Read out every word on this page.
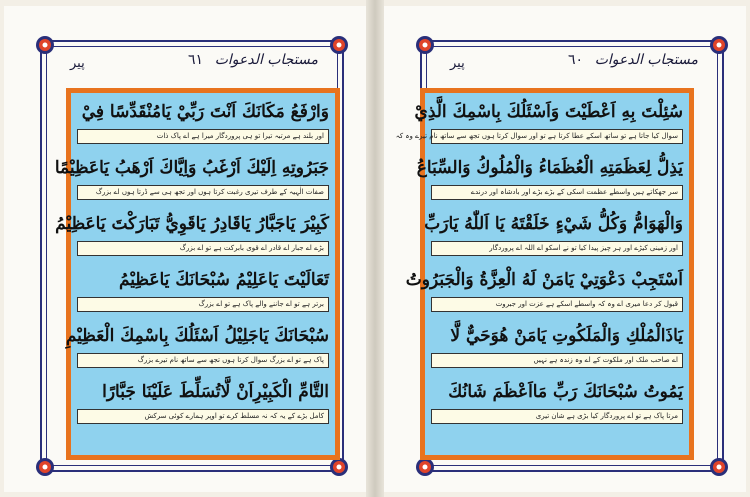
پیر	٦١ مستجاب الدعوات
وَارْفَعُ مَكَانَكَ اَنْتَ رَبِّيْ يَامُنْقَدِّسًا فِيْ
اور بلند ہے مرتبہ تیرا تو ہی پروردگار میرا ہے اے پاک ذات
جَبَرُوتِهِ اِلَيْكَ اَرْغَبُ وَاِيَّاكَ اَرْهَبُ يَاعَظِيْمًا
صفات الٰہیہ کے طرف تیری رغبت کرتا ہوں اور تجھ ہی سے ڈرتا ہوں اے بزرگ
كَبِيْرَ يَاجَبَّارُ يَاقَادِرُ يَاقَوِيُّ تَبَارَكْتَ يَاعَظِيْمُ
بڑے اے جبار اے قادر اے قوی بابرکت ہے تو اے بزرگ
تَعَالَيْتَ يَاعَلِيْمُ سُبْحَانَكَ يَاعَظِيْمُ
برتر ہے تو اے جاننے والے پاک ہے تو اے بزرگ
سُبْحَانَكَ يَاجَلِيْلُ اَسْئَلُكَ بِاسْمِكَ الْعَظِيْمِ
پاک ہے تو اے بزرگ سوال کرتا ہوں تجھ سے ساتھ نام تیرے بزرگ
التَّامِّ الْكَبِيْرِاَنْ لَّاتُسَلِّطَ عَلَيْنَا جَبَّارًا
کامل بڑے کے یہ کہ نہ مسلط کرے تو اوپر ہمارے کوئی سرکش
پیر	٦٠ مستجاب الدعوات
سُئِلْتَ بِهِ اَعْطَيْتَ وَاَسْئَلُكَ بِاسْمِكَ الَّذِيْ
سوال کیا جاتا ہے تو ساتھ اسکے عطا کرتا ہے تو اور سوال کرتا ہوں تجھ سے ساتھ نام تیرے وہ کہ
يَذِلُّ لِعَظَمَتِهِ الْعُظَمَاءُ وَالْمُلُوكُ وَالسِّبَاعُ
سر جھکاتے ہیں واسطے عظمت اسکی کے بڑے بڑے اور بادشاہ اور درندے
وَالْهَوَامُّ وَكُلُّ شَيْءٍ خَلَقْتَهُ يَا اَللّٰهُ يَارَبِّ
اور زمینی کیڑے اور ہر چیز پیدا کیا تو نے اسکو اے اللہ اے پروردگار
اَسْتَجِبْ دَعْوَتِيْ يَامَنْ لَهُ الْعِزَّةُ وَالْجَبَرُوتُ
قبول کر دعا میری اے وہ کہ واسطے اسکے ہے عزت اور جبروت
يَاذَالْمُلْكِ وَالْمَلَكُوتِ يَامَنْ هُوَحَيٌّ لَّا
اے صاحب ملک اور ملکوت کے اے وہ زندہ ہے نہیں
يَمُوتُ سُبْحَانَكَ رَبِّ مَااَعْظَمَ شَانُكَ
مرتا پاک ہے تو اے پروردگار کیا بڑی ہے شان تیری
